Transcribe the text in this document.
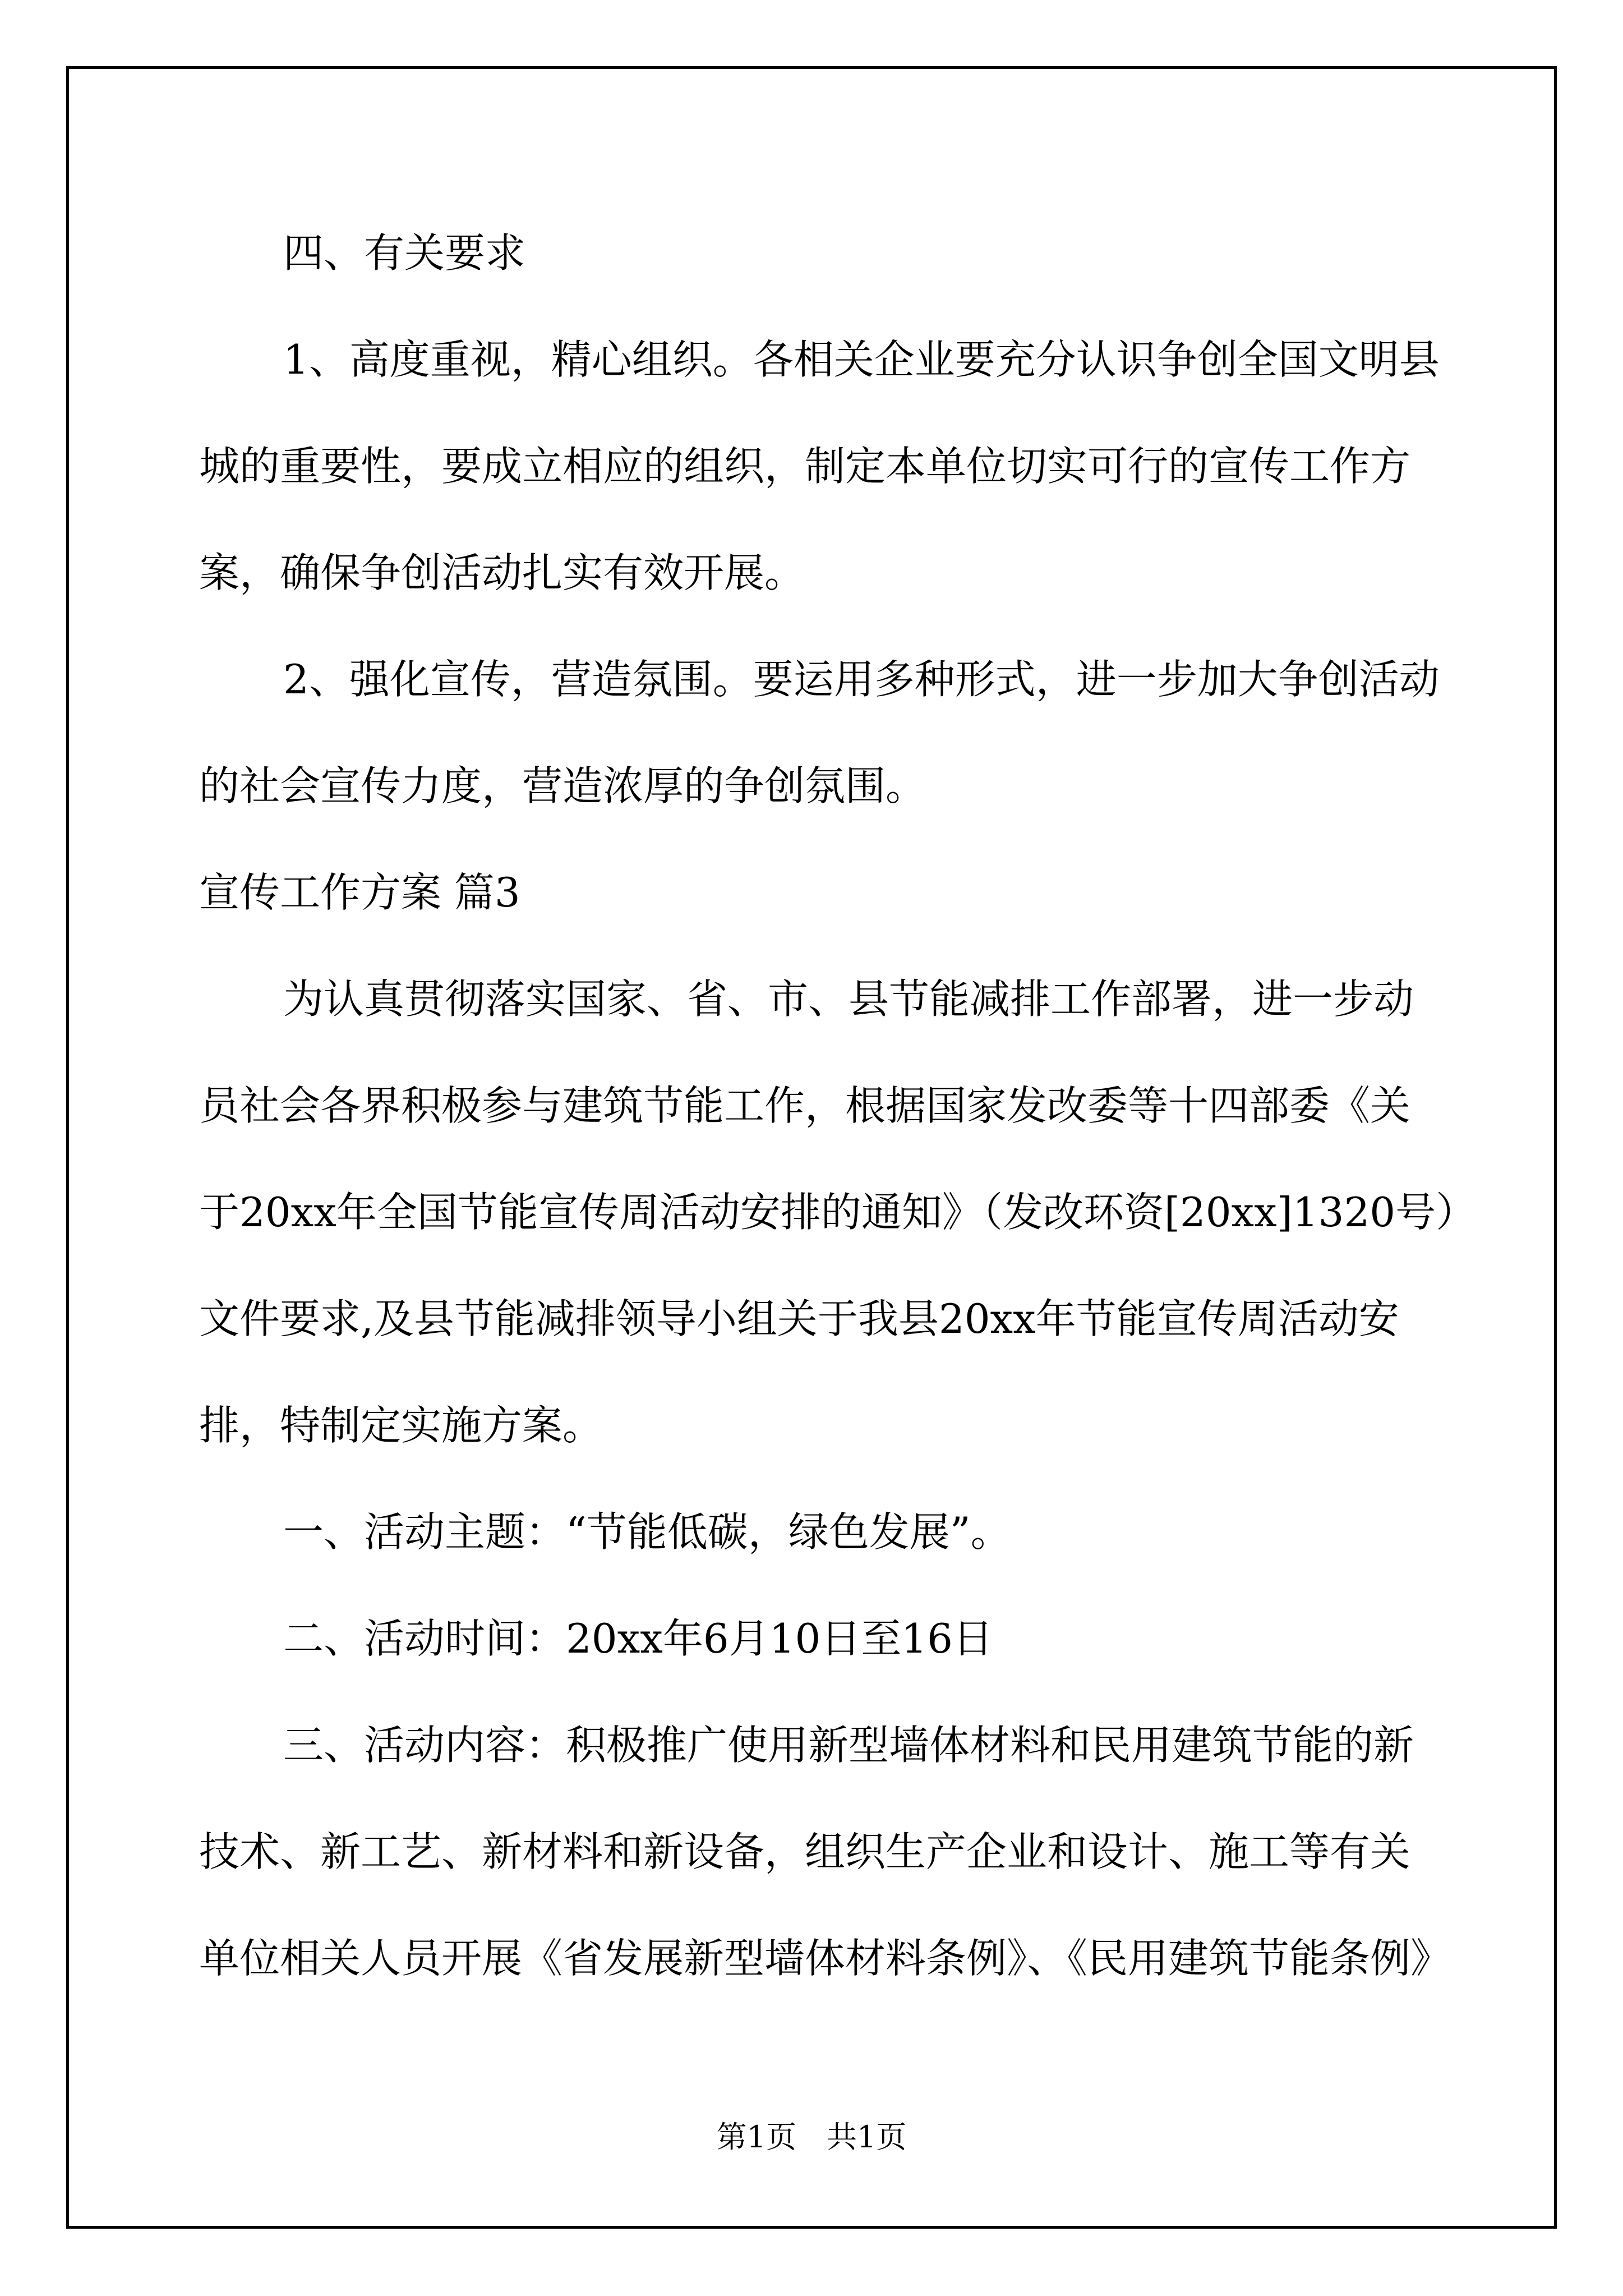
四、有关要求
1、高度重视，精心组织。各相关企业要充分认识争创全国文明县
城的重要性，要成立相应的组织，制定本单位切实可行的宣传工作方
案，确保争创活动扎实有效开展。
2、强化宣传，营造氛围。要运用多种形式，进一步加大争创活动
的社会宣传力度，营造浓厚的争创氛围。
宣传工作方案 篇3
为认真贯彻落实国家、省、市、县节能减排工作部署，进一步动
员社会各界积极参与建筑节能工作，根据国家发改委等十四部委《关
于20xx年全国节能宣传周活动安排的通知》（发改环资[20xx]1320号）
文件要求,及县节能减排领导小组关于我县20xx年节能宣传周活动安
排，特制定实施方案。
一、活动主题：“节能低碳，绿色发展”。
二、活动时间：20xx年6月10日至16日
三、活动内容：积极推广使用新型墙体材料和民用建筑节能的新
技术、新工艺、新材料和新设备，组织生产企业和设计、施工等有关
单位相关人员开展《省发展新型墙体材料条例》、《民用建筑节能条例》
第1页　共1页
